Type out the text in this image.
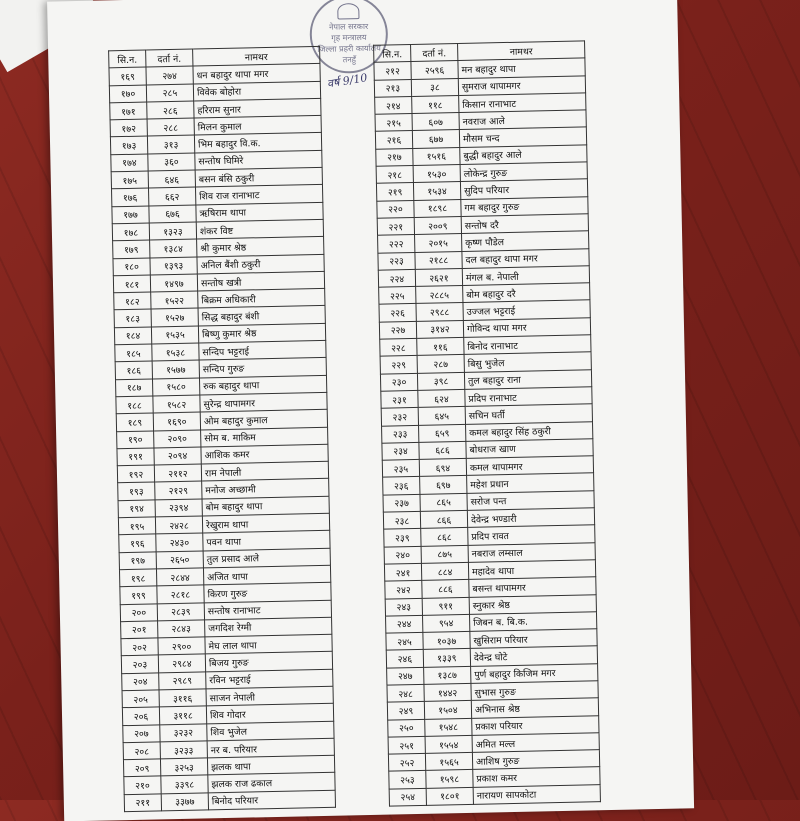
नेपाल सरकार
गृह मन्त्रालय
जिल्ला प्रहरी कार्यालय
तनहुँ
वर्ष 9/10
सि.न.	दर्ता नं.	नामथर
१६९	२७४	धन बहादुर थापा मगर
१७०	२८५	विवेक बोहोरा
१७१	२८६	हरिराम सुनार
१७२	२८८	मिलन कुमाल
१७३	३१३	भिम बहादुर वि.क.
१७४	३६०	सन्तोष घिमिरे
१७५	६४६	बसन बंसि ठकुरी
१७६	६६२	शिव राज रानाभाट
१७७	६७६	ऋषिराम थापा
१७८	१३२३	शंकर विष्ट
१७९	१३८४	श्री कुमार श्रेष्ठ
१८०	१३९३	अनिल बैंशी ठकुरी
१८१	१४९७	सन्तोष खत्री
१८२	१५२२	बिक्रम अधिकारी
१८३	१५२७	सिद्ध बहादुर बंशी
१८४	१५३५	बिष्णु कुमार श्रेष्ठ
१८५	१५३८	सन्दिप भट्टराई
१८६	१५७७	सन्दिप गुरुङ
१८७	१५८०	रुक बहादुर थापा
१८८	१५८२	सुरेन्द्र थापामगर
१८९	१६९०	ओम बहादुर कुमाल
१९०	२०९०	सोम ब. माकिम
१९१	२०९४	आशिक कमर
१९२	२११२	राम नेपाली
१९३	२१२९	मनोज अच्छामी
१९४	२३९४	बोम बहादुर थापा
१९५	२४२८	रेखुराम थापा
१९६	२४३०	पवन थापा
१९७	२६५०	तुल प्रसाद आले
१९८	२८४४	अजित थापा
१९९	२८१८	किरण गुरुङ
२००	२८३९	सन्तोष रानाभाट
२०१	२८४३	जगदिश रेग्मी
२०२	२९००	मेघ लाल थापा
२०३	२९८४	बिजय गुरुङ
२०४	२९८९	रविन भट्टराई
२०५	३११६	साजन नेपाली
२०६	३११८	शिव गोदार
२०७	३२३२	शिव भुजेल
२०८	३२३३	नर ब. परियार
२०९	३२५३	झलक थापा
२१०	३३९८	झलक राज ढकाल
२११	३३७७	बिनोद परियार
सि.न.	दर्ता नं.	नामथर
२१२	२५९६	मन बहादुर थापा
२१३	३८	सुमराज थापामगर
२१४	११८	किसान रानाभाट
२१५	६०७	नवराज आले
२१६	६७७	मौसम चन्द
२१७	१५१६	बुद्धी बहादुर आले
२१८	१५३०	लोकेन्द्र गुरुङ
२१९	१५३४	सुदिप परियार
२२०	१८९८	गम बहादुर गुरुङ
२२१	२००९	सन्तोष दरै
२२२	२०१५	कृष्ण पौडेल
२२३	२१८८	दल बहादुर थापा मगर
२२४	२६२१	मंगल ब. नेपाली
२२५	२८८५	बोम बहादुर दरै
२२६	२९८८	उज्जल भट्टराई
२२७	३१४२	गोविन्द थापा मगर
२२८	११६	बिनोद रानाभाट
२२९	२८७	बिसु भुजेल
२३०	३९८	तुल बहादुर राना
२३१	६२४	प्रदिप रानाभाट
२३२	६४५	सचिन घर्ती
२३३	६५९	कमल बहादुर सिंह ठकुरी
२३४	६८६	बोधराज खाण
२३५	६९४	कमल थापामगर
२३६	६९७	महेश प्रधान
२३७	८६५	सरोज पन्त
२३८	८६६	देवेन्द्र भण्डारी
२३९	८६८	प्रदिप रावत
२४०	८७५	नबराज लम्साल
२४१	८८४	महादेव थापा
२४२	८८६	बसन्त थापामगर
२४३	९११	स्नुकार श्रेष्ठ
२४४	९५४	जिबन ब. बि.क.
२४५	१०३७	खुसिराम परियार
२४६	१३३९	देवेन्द्र घोटे
२४७	१३८७	पुर्ण बहादुर किजिम मगर
२४८	१४४२	सुभास गुरुङ
२४९	१५०४	अभिनास श्रेष्ठ
२५०	१५४८	प्रकाश परियार
२५१	१५५४	अमित मल्ल
२५२	१५६५	आशिष गुरुङ
२५३	१५९८	प्रकाश कमर
२५४	१८०१	नारायण सापकोटा
